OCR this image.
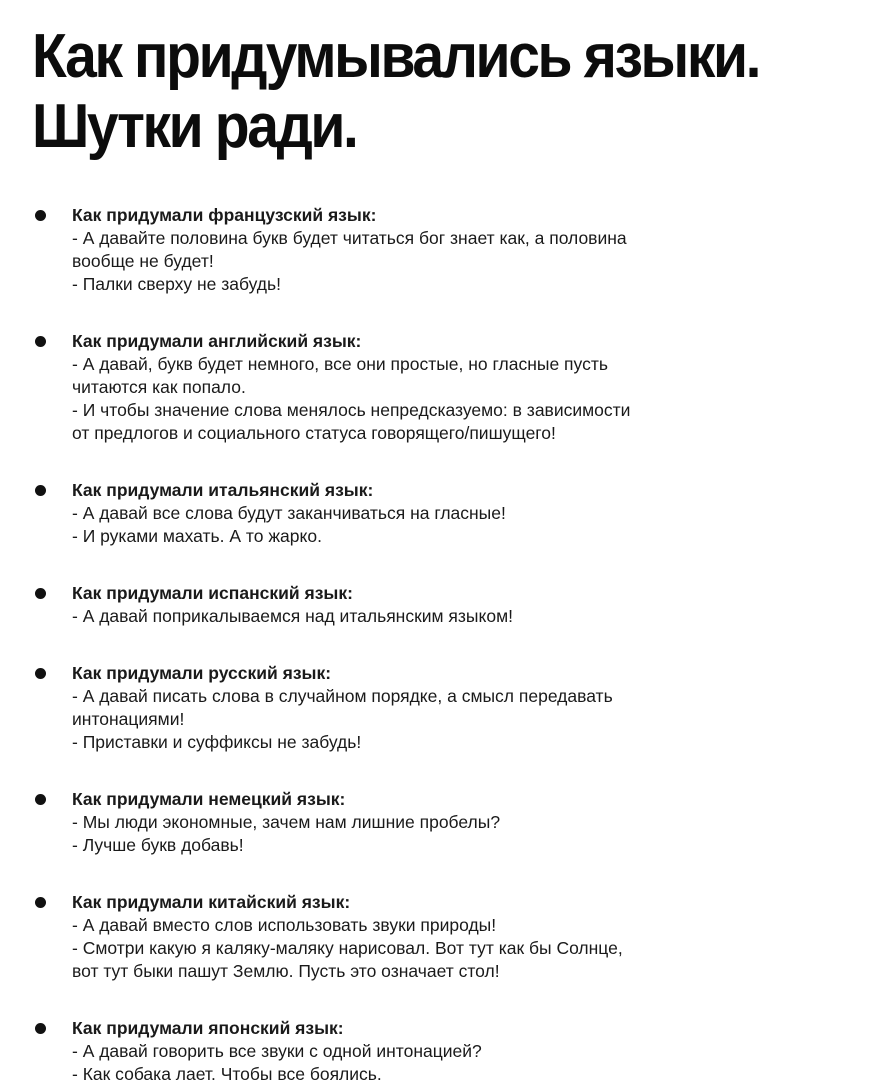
Как придумывались языки.
Шутки ради.
Как придумали французский язык:
- А давайте половина букв будет читаться бог знает как, а половина
вообще не будет!
- Палки сверху не забудь!
Как придумали английский язык:
- А давай, букв будет немного, все они простые, но гласные пусть
читаются как попало.
- И чтобы значение слова менялось непредсказуемо: в зависимости
от предлогов и социального статуса говорящего/пишущего!
Как придумали итальянский язык:
- А давай все слова будут заканчиваться на гласные!
- И руками махать. А то жарко.
Как придумали испанский язык:
- А давай поприкалываемся над итальянским языком!
Как придумали русский язык:
- А давай писать слова в случайном порядке, а смысл передавать
интонациями!
- Приставки и суффиксы не забудь!
Как придумали немецкий язык:
- Мы люди экономные, зачем нам лишние пробелы?
- Лучше букв добавь!
Как придумали китайский язык:
- А давай вместо слов использовать звуки природы!
- Смотри какую я каляку-маляку нарисовал. Вот тут как бы Солнце,
вот тут быки пашут Землю. Пусть это означает стол!
Как придумали японский язык:
- А давай говорить все звуки с одной интонацией?
- Как собака лает. Чтобы все боялись.
